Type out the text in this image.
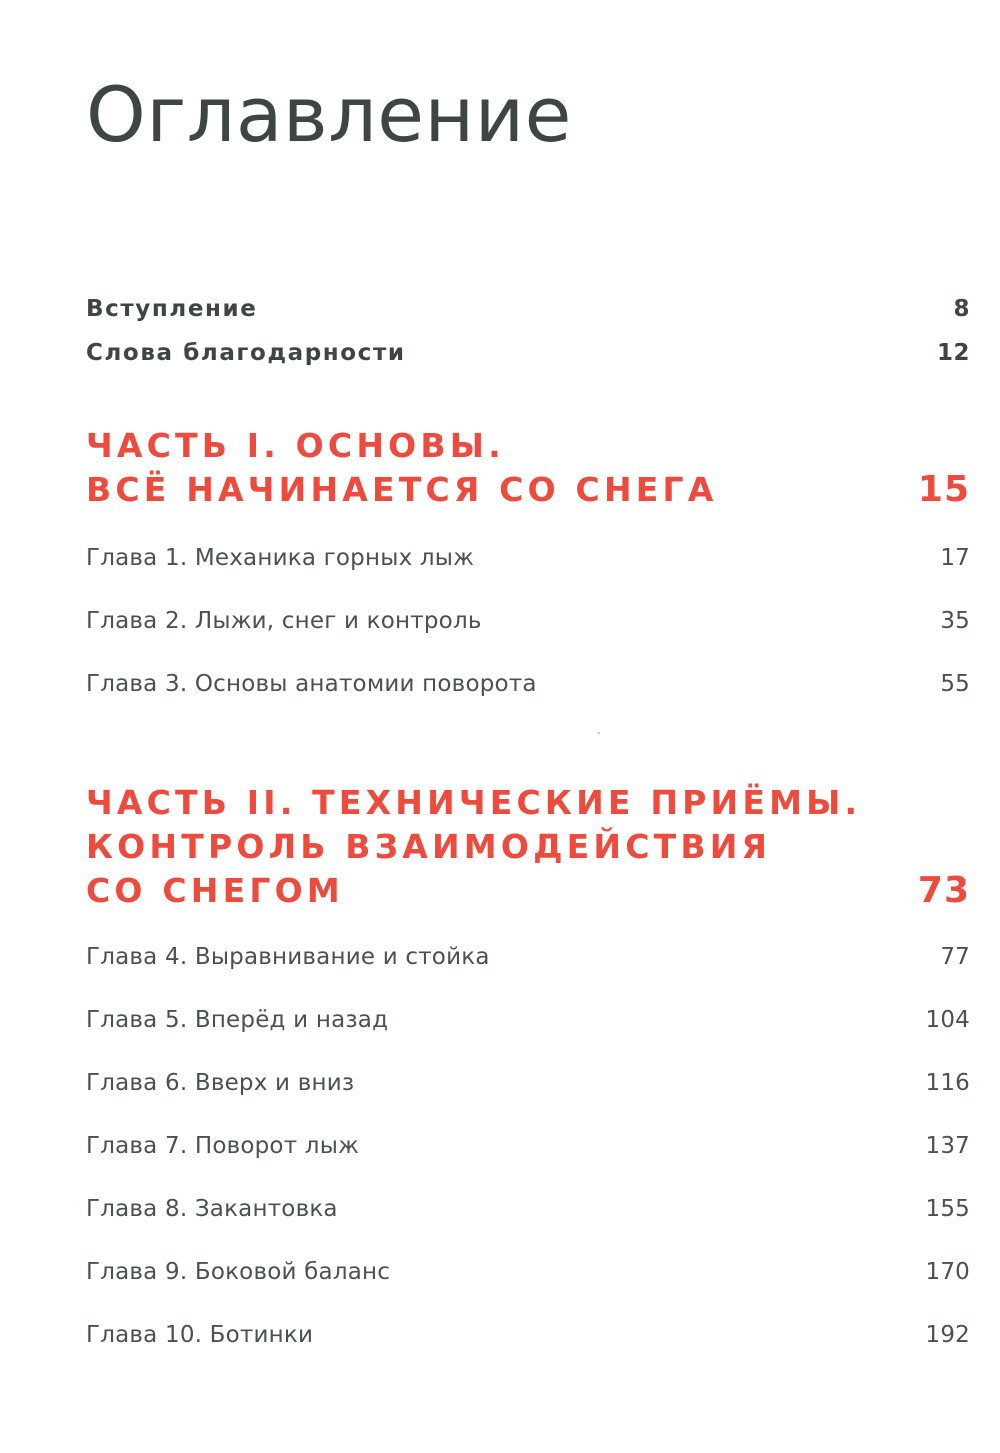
Оглавление
Вступление	8
Слова благодарности	12
ЧАСТЬ I. ОСНОВЫ.
ВСЁ НАЧИНАЕТСЯ СО СНЕГА	15
Глава 1. Механика горных лыж	17
Глава 2. Лыжи, снег и контроль	35
Глава 3. Основы анатомии поворота	55
ЧАСТЬ II. ТЕХНИЧЕСКИЕ ПРИЁМЫ.
КОНТРОЛЬ ВЗАИМОДЕЙСТВИЯ
СО СНЕГОМ	73
Глава 4. Выравнивание и стойка	77
Глава 5. Вперёд и назад	104
Глава 6. Вверх и вниз	116
Глава 7. Поворот лыж	137
Глава 8. Закантовка	155
Глава 9. Боковой баланс	170
Глава 10. Ботинки	192
